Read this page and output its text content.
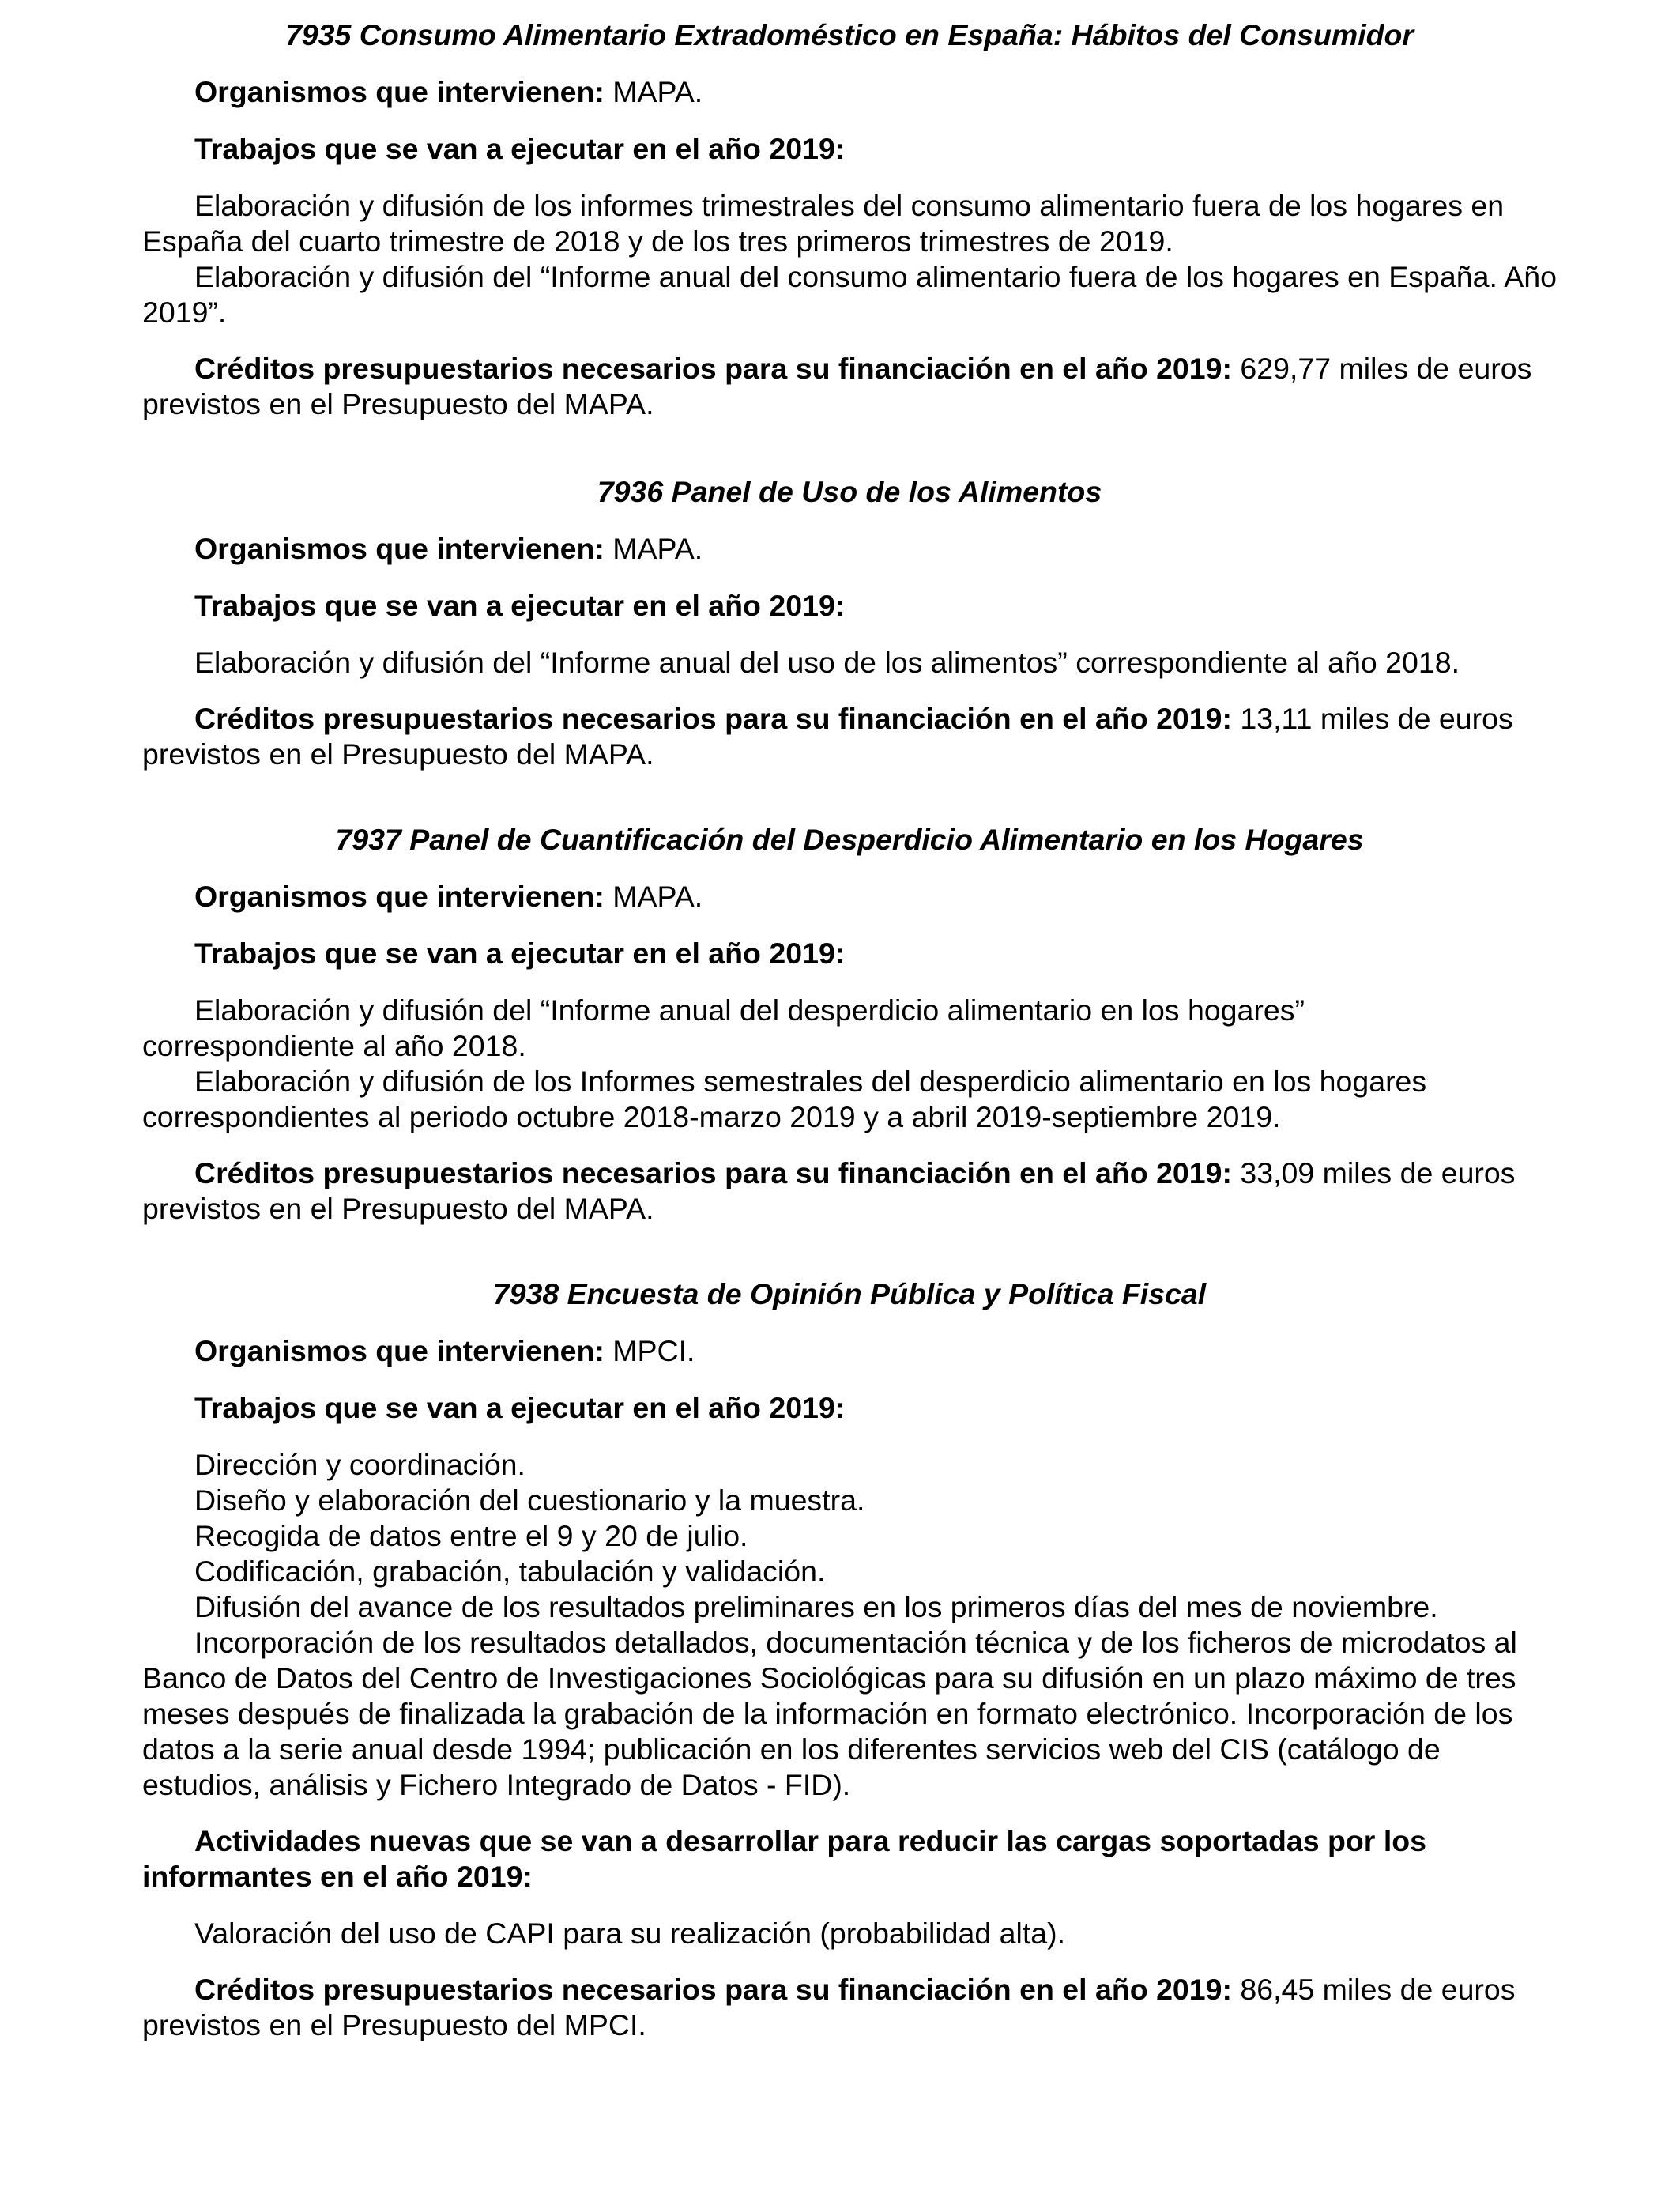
7935 Consumo Alimentario Extradoméstico en España: Hábitos del Consumidor

Organismos que intervienen: MAPA.

Trabajos que se van a ejecutar en el año 2019:

Elaboración y difusión de los informes trimestrales del consumo alimentario fuera de los hogares en España del cuarto trimestre de 2018 y de los tres primeros trimestres de 2019.

Elaboración y difusión del “Informe anual del consumo alimentario fuera de los hogares en España. Año 2019”.

Créditos presupuestarios necesarios para su financiación en el año 2019: 629,77 miles de euros previstos en el Presupuesto del MAPA.

7936 Panel de Uso de los Alimentos

Organismos que intervienen: MAPA.

Trabajos que se van a ejecutar en el año 2019:

Elaboración y difusión del “Informe anual del uso de los alimentos” correspondiente al año 2018.

Créditos presupuestarios necesarios para su financiación en el año 2019: 13,11 miles de euros previstos en el Presupuesto del MAPA.

7937 Panel de Cuantificación del Desperdicio Alimentario en los Hogares

Organismos que intervienen: MAPA.

Trabajos que se van a ejecutar en el año 2019:

Elaboración y difusión del “Informe anual del desperdicio alimentario en los hogares” correspondiente al año 2018.

Elaboración y difusión de los Informes semestrales del desperdicio alimentario en los hogares correspondientes al periodo octubre 2018-marzo 2019 y a abril 2019-septiembre 2019.

Créditos presupuestarios necesarios para su financiación en el año 2019: 33,09 miles de euros previstos en el Presupuesto del MAPA.

7938 Encuesta de Opinión Pública y Política Fiscal

Organismos que intervienen: MPCI.

Trabajos que se van a ejecutar en el año 2019:

Dirección y coordinación.

Diseño y elaboración del cuestionario y la muestra.

Recogida de datos entre el 9 y 20 de julio.

Codificación, grabación, tabulación y validación.

Difusión del avance de los resultados preliminares en los primeros días del mes de noviembre.

Incorporación de los resultados detallados, documentación técnica y de los ficheros de microdatos al Banco de Datos del Centro de Investigaciones Sociológicas para su difusión en un plazo máximo de tres meses después de finalizada la grabación de la información en formato electrónico. Incorporación de los datos a la serie anual desde 1994; publicación en los diferentes servicios web del CIS (catálogo de estudios, análisis y Fichero Integrado de Datos - FID).

Actividades nuevas que se van a desarrollar para reducir las cargas soportadas por los informantes en el año 2019:

Valoración del uso de CAPI para su realización (probabilidad alta).

Créditos presupuestarios necesarios para su financiación en el año 2019: 86,45 miles de euros previstos en el Presupuesto del MPCI.
